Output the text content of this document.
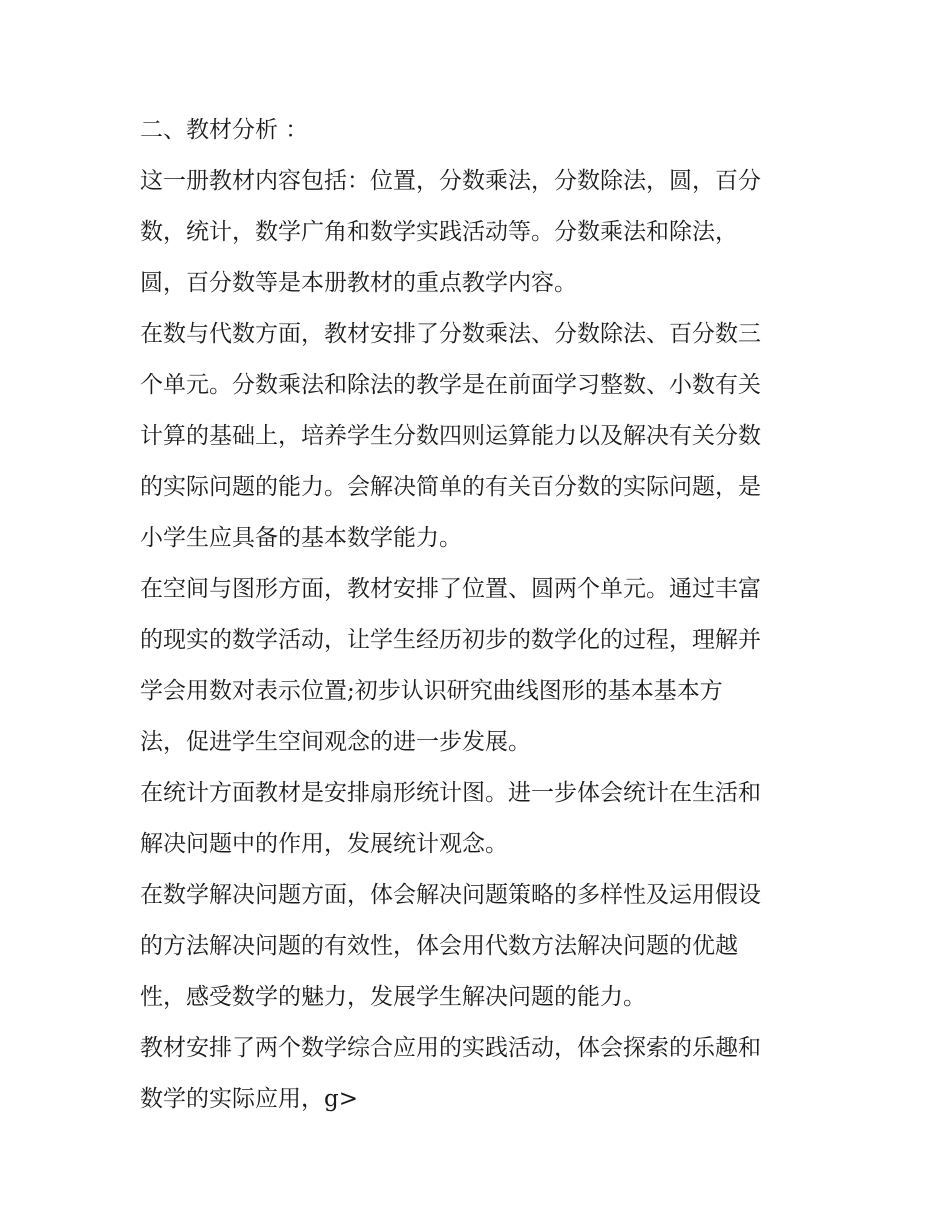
二、教材分析 ：
这一册教材内容包括：位置，分数乘法，分数除法，圆，百分
数，统计，数学广角和数学实践活动等。分数乘法和除法，
圆，百分数等是本册教材的重点教学内容。
在数与代数方面，教材安排了分数乘法、分数除法、百分数三
个单元。分数乘法和除法的教学是在前面学习整数、小数有关
计算的基础上，培养学生分数四则运算能力以及解决有关分数
的实际问题的能力。会解决简单的有关百分数的实际问题，是
小学生应具备的基本数学能力。
在空间与图形方面，教材安排了位置、圆两个单元。通过丰富
的现实的数学活动，让学生经历初步的数学化的过程，理解并
学会用数对表示位置;初步认识研究曲线图形的基本基本方
法，促进学生空间观念的进一步发展。
在统计方面教材是安排扇形统计图。进一步体会统计在生活和
解决问题中的作用，发展统计观念。
在数学解决问题方面，体会解决问题策略的多样性及运用假设
的方法解决问题的有效性，体会用代数方法解决问题的优越
性，感受数学的魅力，发展学生解决问题的能力。
教材安排了两个数学综合应用的实践活动，体会探索的乐趣和
数学的实际应用，g>
